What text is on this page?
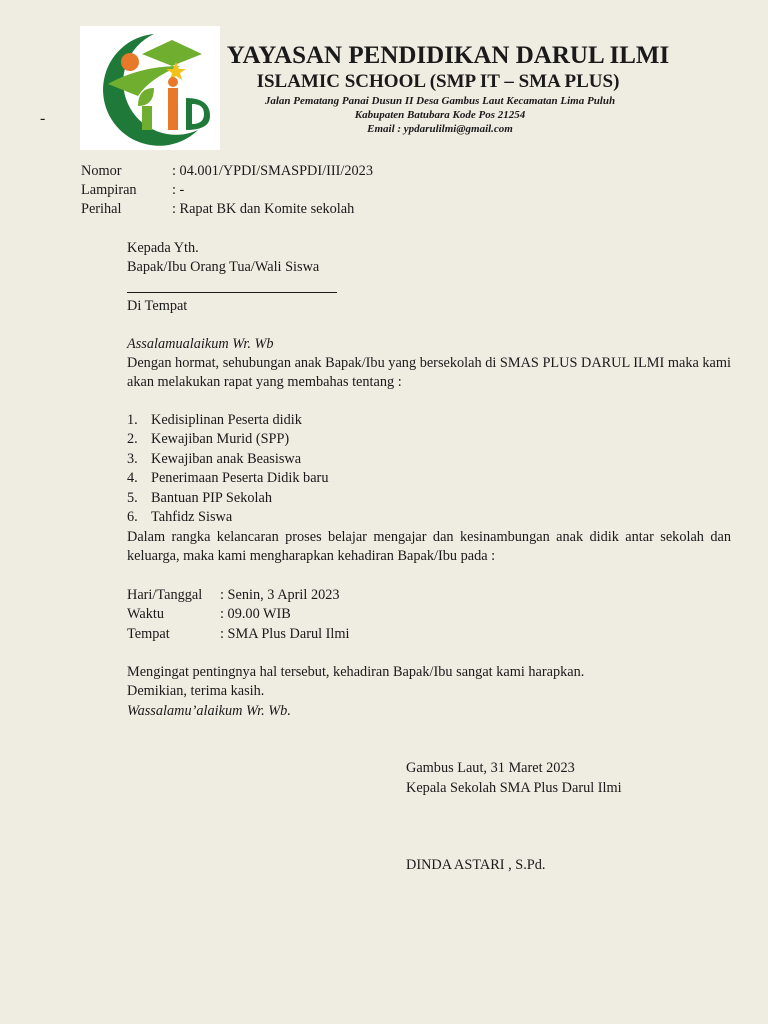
YAYASAN PENDIDIKAN DARUL ILMI
ISLAMIC SCHOOL (SMP IT – SMA PLUS)
Jalan Pematang Panai Dusun II Desa Gambus Laut Kecamatan Lima Puluh
Kabupaten Batubara Kode Pos 21254
Email : ypdarulilmi@gmail.com
-
Nomor	: 04.001/YPDI/SMASPDI/III/2023
Lampiran	: -
Perihal	: Rapat BK dan Komite sekolah
Kepada Yth.
Bapak/Ibu Orang Tua/Wali Siswa
Di Tempat
Assalamualaikum Wr. Wb
Dengan hormat, sehubungan anak Bapak/Ibu yang bersekolah di SMAS PLUS DARUL ILMI maka kami akan melakukan rapat yang membahas tentang :
1. Kedisiplinan Peserta didik
2. Kewajiban Murid (SPP)
3. Kewajiban anak Beasiswa
4. Penerimaan Peserta Didik baru
5. Bantuan PIP Sekolah
6. Tahfidz Siswa
Dalam rangka kelancaran proses belajar mengajar dan kesinambungan anak didik antar sekolah dan keluarga, maka kami mengharapkan kehadiran Bapak/Ibu pada :
Hari/Tanggal	: Senin, 3 April 2023
Waktu	: 09.00 WIB
Tempat	: SMA Plus Darul Ilmi
Mengingat pentingnya hal tersebut, kehadiran Bapak/Ibu sangat kami harapkan.
Demikian, terima kasih.
Wassalamu’alaikum Wr. Wb.
Gambus Laut, 31 Maret 2023
Kepala Sekolah SMA Plus Darul Ilmi
DINDA ASTARI , S.Pd.
